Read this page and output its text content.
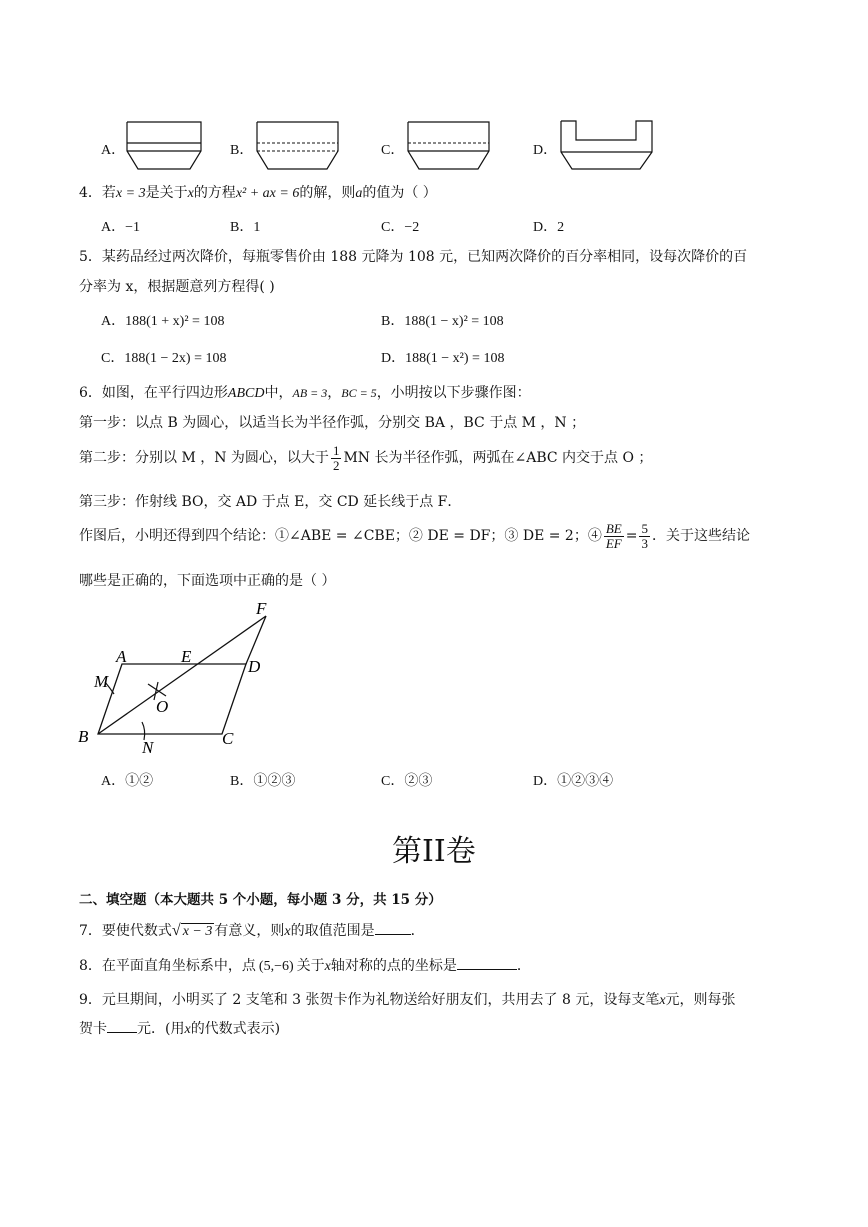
A．	B．	C．	D．
4．若x = 3是关于x的方程x² + ax = 6的解，则a的值为（ ）
A．−1	B．1	C．−2	D．2
5．某药品经过两次降价，每瓶零售价由 188 元降为 108 元，已知两次降价的百分率相同，设每次降价的百
分率为 x，根据题意列方程得( )
A．188(1 + x)² = 108	B．188(1 − x)² = 108
C．188(1 − 2x) = 108	D．188(1 − x²) = 108
6．如图，在平行四边形ABCD中，AB = 3，BC = 5，小明按以下步骤作图：
第一步：以点 B 为圆心，以适当长为半径作弧，分别交 BA ，BC 于点 M ，N ；
第二步：分别以 M ，N 为圆心，以大于 $\frac{1}{2}$ MN 长为半径作弧，两弧在∠ABC 内交于点 O ；
第三步：作射线 BO，交 AD 于点 E，交 CD 延长线于点 F．
作图后，小明还得到四个结论：①∠ABE = ∠CBE；② DE = DF；③ DE = 2；④ $\frac{BE}{EF} = \frac{5}{3}$ ．关于这些结论
哪些是正确的，下面选项中正确的是（ ）
A
D
C
B
E
F
M
N
O
A．①②	B．①②③	C．②③	D．①②③④
第II卷
二、填空题（本大题共 5 个小题，每小题 3 分，共 15 分）
7．要使代数式√ x − 3 有意义，则x的取值范围是	．
8．在平面直角坐标系中，点 (5,−6) 关于x轴对称的点的坐标是	．
9．元旦期间，小明买了 2 支笔和 3 张贺卡作为礼物送给好朋友们，共用去了 8 元，设每支笔x元，则每张
贺卡 元．(用x的代数式表示)
